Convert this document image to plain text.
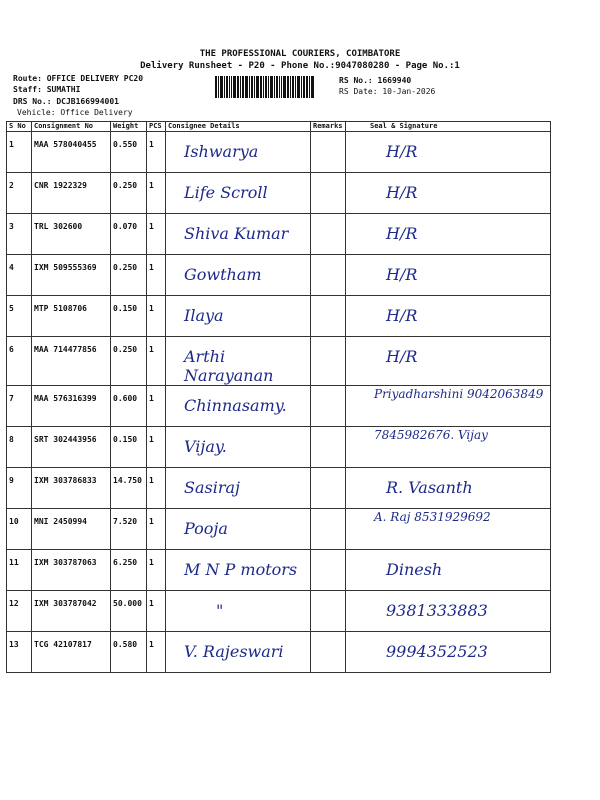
THE PROFESSIONAL COURIERS, COIMBATORE
Delivery Runsheet - P20 - Phone No.:9047080280 - Page No.:1
Route: OFFICE DELIVERY PC20
Staff: SUMATHI
DRS No.: DCJB166994001
Vehicle: Office Delivery
RS No.: 1669940
RS Date: 10-Jan-2026
S No	Consignment No	Weight	PCS	Consignee Details	Remarks	Seal & Signature

1	MAA 578040455	0.550	1	Ishwarya		H/R

2	CNR 1922329	0.250	1	Life Scroll		H/R

3	TRL 302600	0.070	1	Shiva Kumar		H/R

4	IXM 509555369	0.250	1	Gowtham		H/R

5	MTP 5108706	0.150	1	Ilaya		H/R

6	MAA 714477856	0.250	1	Arthi Narayanan		H/R

7	MAA 576316399	0.600	1	Chinnasamy.		Priyadharshini 9042063849

8	SRT 302443956	0.150	1	Vijay.		7845982676. Vijay

9	IXM 303786833	14.750	1	Sasiraj		R. Vasanth

10	MNI 2450994	7.520	1	Pooja		A. Raj 8531929692

11	IXM 303787063	6.250	1	M N P motors		Dinesh

12	IXM 303787042	50.000	1	"		9381333883

13	TCG 42107817	0.580	1	V. Rajeswari		9994352523
